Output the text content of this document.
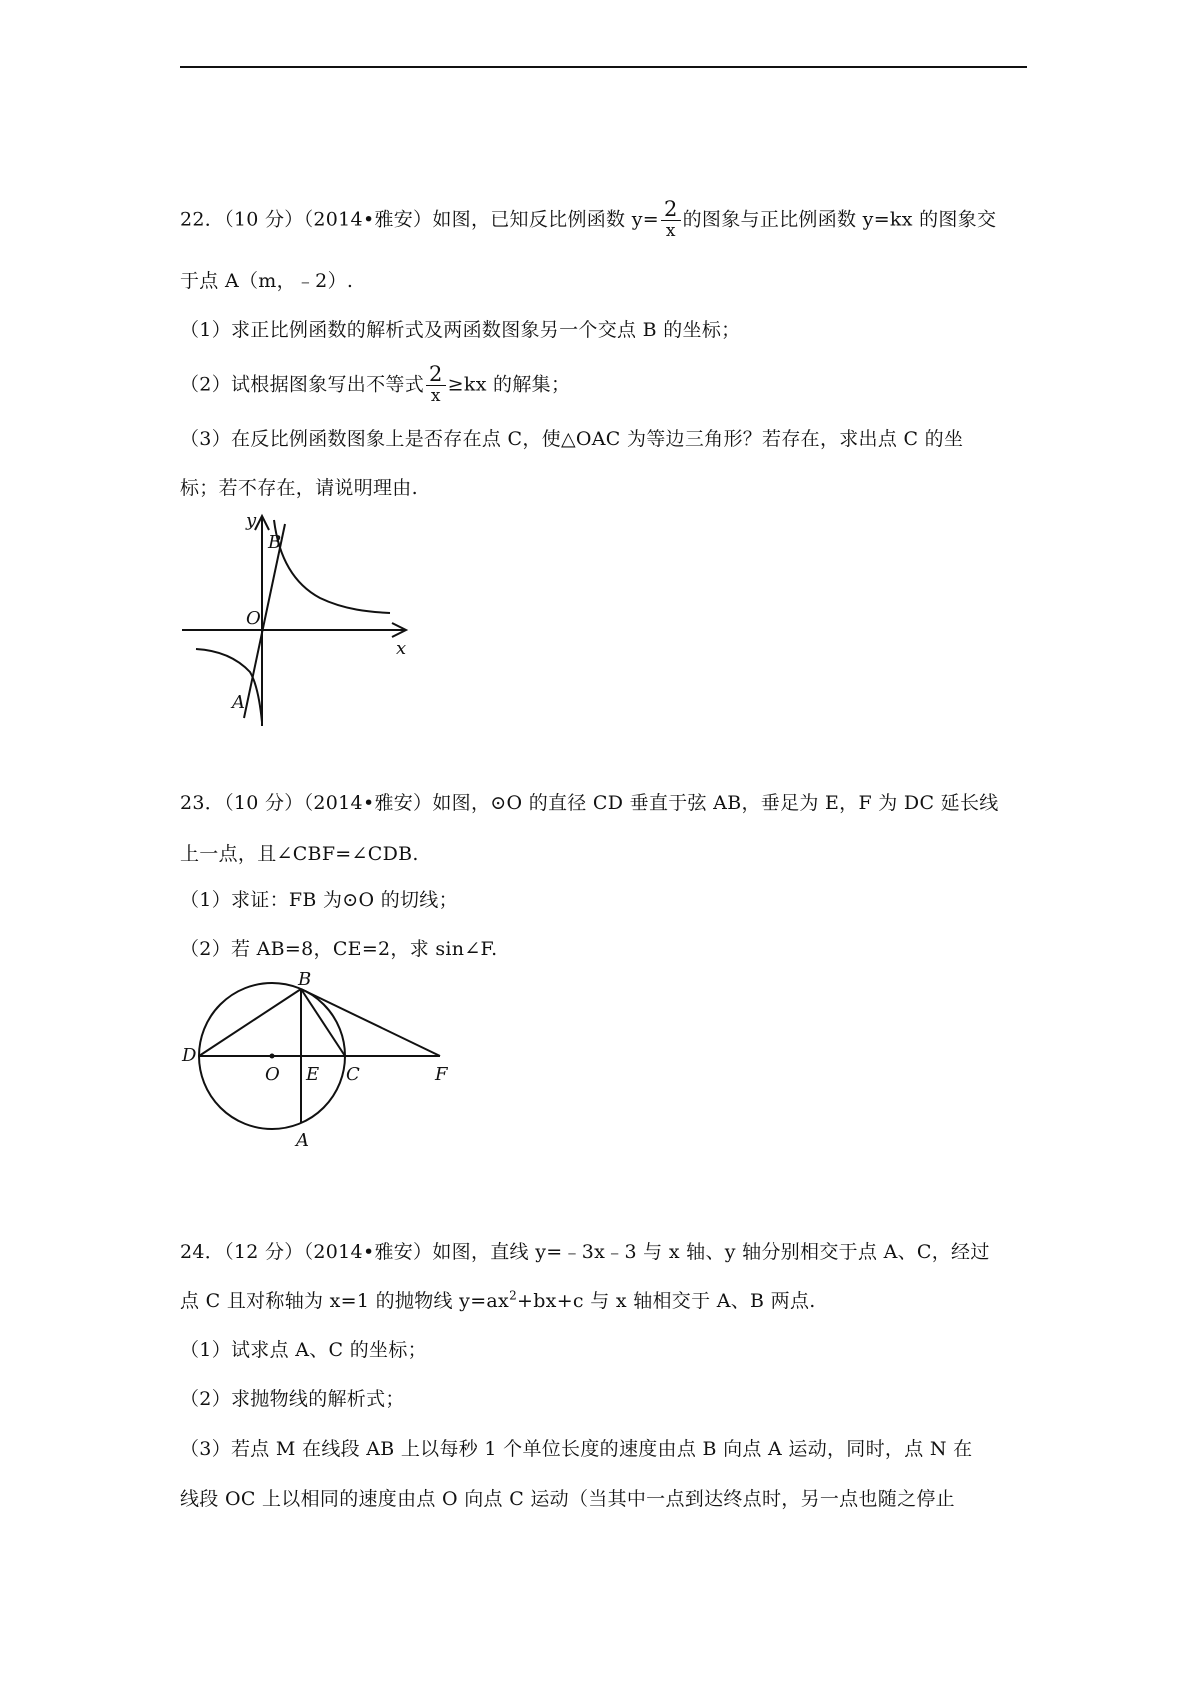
22．（10 分）（2014•雅安）如图，已知反比例函数 $y= \frac{2}{x}$ 的图象与正比例函数 y=kx 的图象交
于点 A（m，﹣2）.
（1）求正比例函数的解析式及两函数图象另一个交点 B 的坐标；
（2）试根据图象写出不等式 $\frac{2}{x} \ge kx$ 的解集；
（3）在反比例函数图象上是否存在点 C，使△OAC 为等边三角形？若存在，求出点 C 的坐
标；若不存在，请说明理由.
B
O
y
x
A
23．（10 分）（2014•雅安）如图，⊙O 的直径 CD 垂直于弦 AB，垂足为 E，F 为 DC 延长线
上一点，且∠CBF=∠CDB.
（1）求证：FB 为⊙O 的切线；
（2）若 AB=8，CE=2，求 sin∠F.
B
D
O E C	F
A
24．（12 分）（2014•雅安）如图，直线 y=﹣3x﹣3 与 x 轴、y 轴分别相交于点 A、C，经过
点 C 且对称轴为 x=1 的抛物线 $y=ax^2+bx+c$ 与 x 轴相交于 A、B 两点.
（1）试求点 A、C 的坐标；
（2）求抛物线的解析式；
（3）若点 M 在线段 AB 上以每秒 1 个单位长度的速度由点 B 向点 A 运动，同时，点 N 在
线段 OC 上以相同的速度由点 O 向点 C 运动（当其中一点到达终点时，另一点也随之停止
